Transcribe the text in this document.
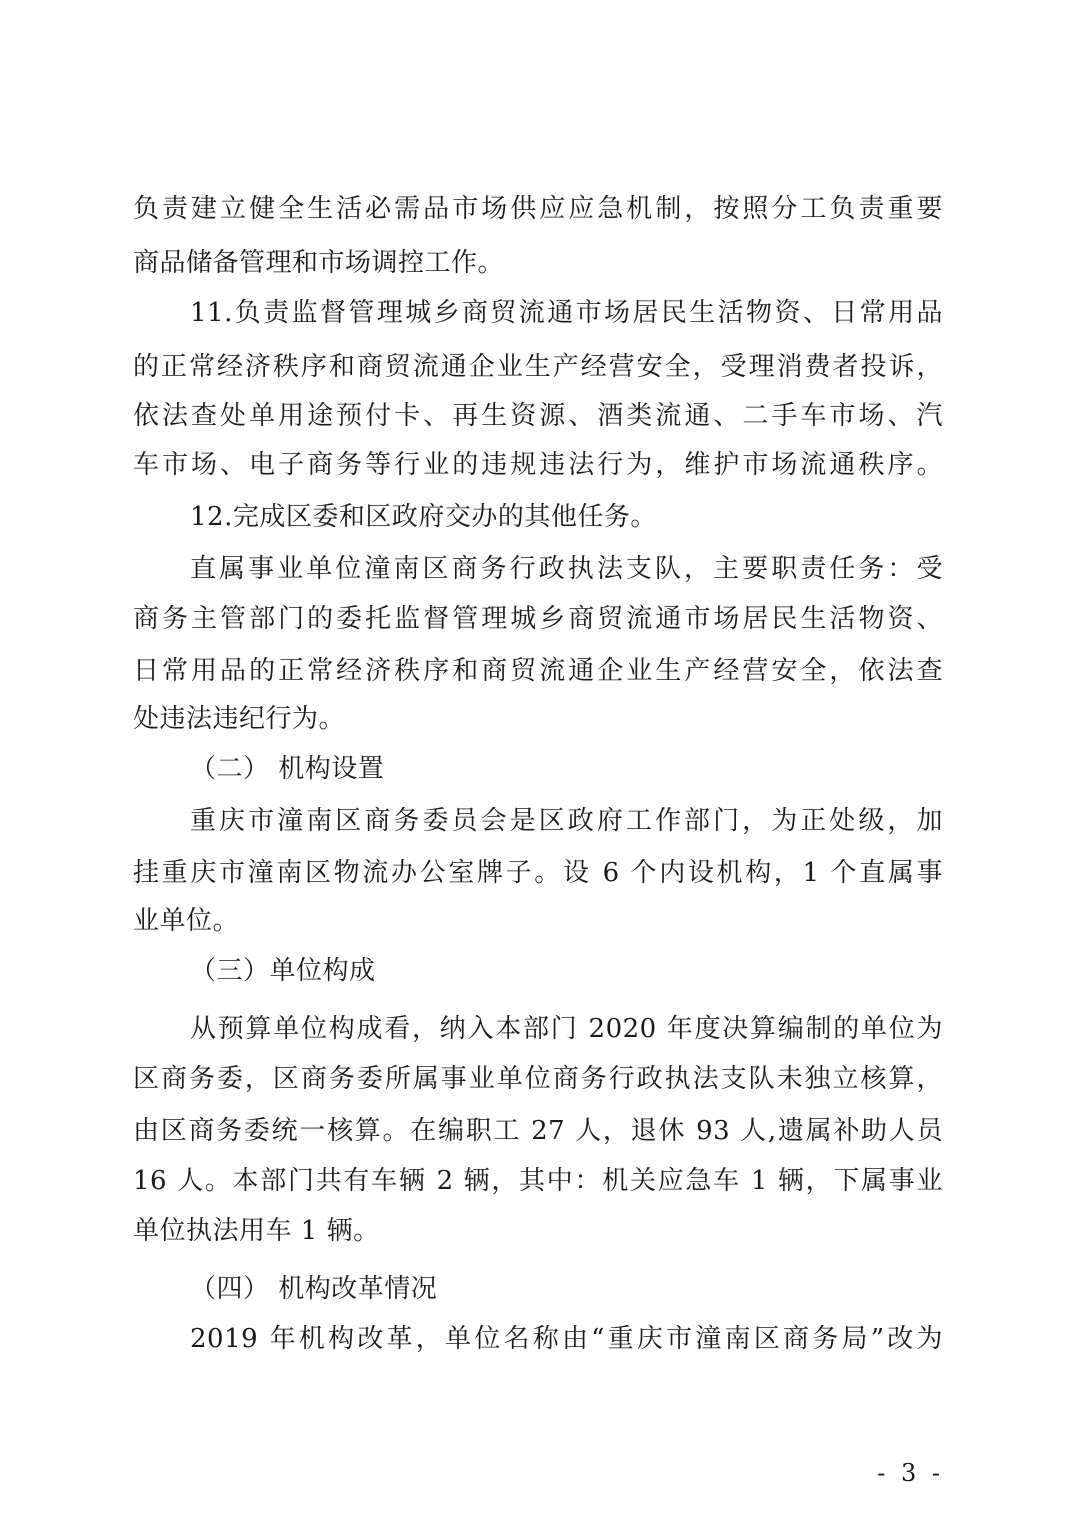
负责建立健全生活必需品市场供应应急机制，按照分工负责重要
商品储备管理和市场调控工作。
11.负责监督管理城乡商贸流通市场居民生活物资、日常用品
的正常经济秩序和商贸流通企业生产经营安全，受理消费者投诉，
依法查处单用途预付卡、再生资源、酒类流通、二手车市场、汽
车市场、电子商务等行业的违规违法行为，维护市场流通秩序。
12.完成区委和区政府交办的其他任务。
直属事业单位潼南区商务行政执法支队，主要职责任务：受
商务主管部门的委托监督管理城乡商贸流通市场居民生活物资、
日常用品的正常经济秩序和商贸流通企业生产经营安全，依法查
处违法违纪行为。
（二） 机构设置
重庆市潼南区商务委员会是区政府工作部门，为正处级，加
挂重庆市潼南区物流办公室牌子。设 6 个内设机构，1 个直属事
业单位。
（三）单位构成
从预算单位构成看，纳入本部门 2020 年度决算编制的单位为
区商务委，区商务委所属事业单位商务行政执法支队未独立核算，
由区商务委统一核算。在编职工 27 人，退休 93 人,遗属补助人员
16 人。本部门共有车辆 2 辆，其中：机关应急车 1 辆，下属事业
单位执法用车 1 辆。
（四） 机构改革情况
2019 年机构改革，单位名称由“重庆市潼南区商务局”改为
- 3 -
